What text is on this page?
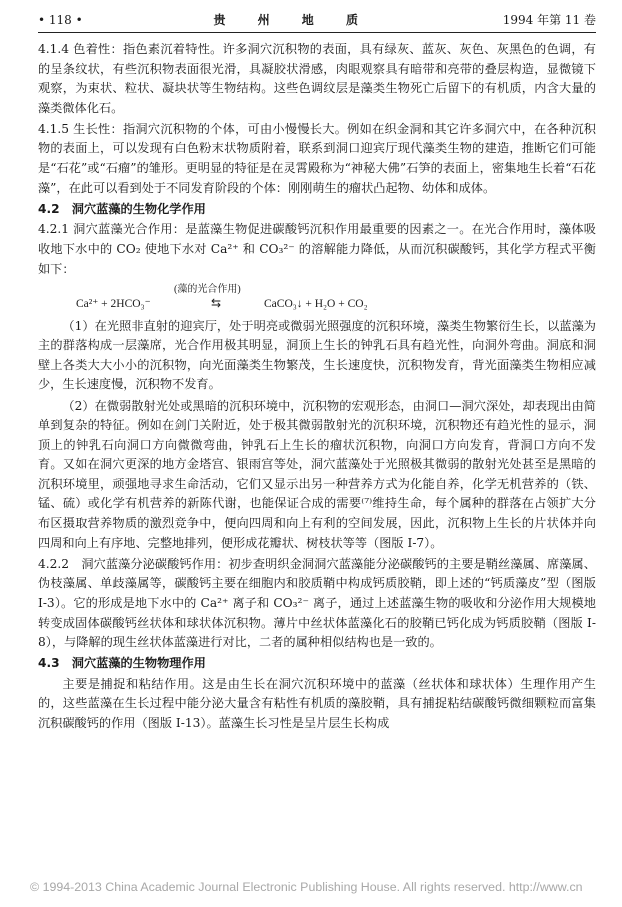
• 118 •	贵 州 地 质	1994 年第 11 卷

4.1.4 色着性：指色素沉着特性。许多洞穴沉积物的表面，具有绿灰、蓝灰、灰色、灰黑色的色调，有的呈条纹状，有些沉积物表面很光滑，具凝胶状滑感，肉眼观察具有暗带和亮带的叠层构造，显微镜下观察，为束状、粒状、凝块状等生物结构。这些色调纹层是藻类生物死亡后留下的有机质，内含大量的藻类微体化石。

4.1.5 生长性：指洞穴沉积物的个体，可由小慢慢长大。例如在织金洞和其它许多洞穴中，在各种沉积物的表面上，可以发现有白色粉末状物质附着，联系到洞口迎宾厅现代藻类生物的建造，推断它们可能是“石花”或“石瘤”的雏形。更明显的特征是在灵霄殿称为“神秘大佛”石笋的表面上，密集地生长着“石花藻”，在此可以看到处于不同发育阶段的个体：刚刚萌生的瘤状凸起物、幼体和成体。

4.2　洞穴蓝藻的生物化学作用

4.2.1 洞穴蓝藻光合作用：是蓝藻生物促进碳酸钙沉积作用最重要的因素之一。在光合作用时，藻体吸收地下水中的 CO₂ 使地下水对 Ca²⁺ 和 CO₃²⁻ 的溶解能力降低，从而沉积碳酸钙，其化学方程式平衡如下：

Ca²⁺ + 2HCO₃⁻
(藻的光合作用)
⇆	CaCO₃↓ + H₂O + CO₂

（1）在光照非直射的迎宾厅，处于明亮或微弱光照强度的沉积环境，藻类生物繁衍生长，以蓝藻为主的群落构成一层藻席，光合作用极其明显，洞顶上生长的钟乳石具有趋光性，向洞外弯曲。洞底和洞壁上各类大大小小的沉积物，向光面藻类生物繁茂，生长速度快，沉积物发育，背光面藻类生物相应减少，生长速度慢，沉积物不发育。

（2）在微弱散射光处或黑暗的沉积环境中，沉积物的宏观形态，由洞口—洞穴深处，却表现出由简单到复杂的特征。例如在剑门关附近，处于极其微弱散射光的沉积环境，沉积物还有趋光性的显示，洞顶上的钟乳石向洞口方向微微弯曲，钟乳石上生长的瘤状沉积物，向洞口方向发育，背洞口方向不发育。又如在洞穴更深的地方金塔宫、银雨宫等处，洞穴蓝藻处于光照极其微弱的散射光处甚至是黑暗的沉积环境里，顽强地寻求生命活动，它们又显示出另一种营养方式为化能自养，化学无机营养的（铁、锰、硫）或化学有机营养的新陈代谢，也能保证合成的需要⁽⁷⁾维持生命，每个属种的群落在占领扩大分布区摄取营养物质的激烈竞争中，便向四周和向上有利的空间发展，因此，沉积物上生长的片状体并向四周和向上有序地、完整地排列，便形成花瓣状、树枝状等等（图版 I-7）。

4.2.2　洞穴蓝藻分泌碳酸钙作用：初步查明织金洞洞穴蓝藻能分泌碳酸钙的主要是鞘丝藻属、席藻属、伪枝藻属、单歧藻属等，碳酸钙主要在细胞内和胶质鞘中构成钙质胶鞘，即上述的“钙质藻皮”型（图版 I-3）。它的形成是地下水中的 Ca²⁺ 离子和 CO₃²⁻ 离子，通过上述蓝藻生物的吸收和分泌作用大规模地转变成固体碳酸钙丝状体和球状体沉积物。薄片中丝状体蓝藻化石的胶鞘已钙化成为钙质胶鞘（图版 I-8），与降解的现生丝状体蓝藻进行对比，二者的属种相似结构也是一致的。

4.3　洞穴蓝藻的生物物理作用

主要是捕捉和粘结作用。这是由生长在洞穴沉积环境中的蓝藻（丝状体和球状体）生理作用产生的，这些蓝藻在生长过程中能分泌大量含有粘性有机质的藻胶鞘，具有捕捉粘结碳酸钙微细颗粒而富集沉积碳酸钙的作用（图版 I-13）。蓝藻生长习性是呈片层生长构成

© 1994-2013 China Academic Journal Electronic Publishing House. All rights reserved. http://www.cn
